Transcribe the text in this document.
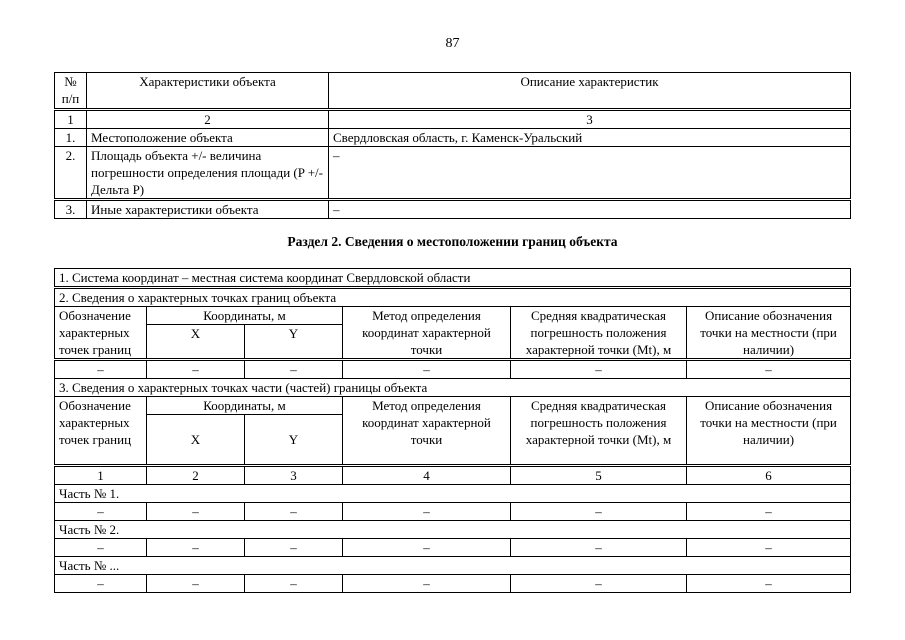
87
№ п/п	Характеристики объекта	Описание характеристик

1	2	3
1.	Местоположение объекта	Свердловская область, г. Каменск-Уральский
2.	Площадь объекта +/- величина погрешности определения площади (P +/- Дельта P)	–

3.	Иные характеристики объекта	–
Раздел 2. Сведения о местоположении границ объекта
1. Система координат – местная система координат Свердловской области					

2. Сведения о характерных точках границ объекта					
Обозначение характерных точек границ	Координаты, м		Метод определения координат характерной точки	Средняя квадратическая погрешность положения характерной точки (Mt), м	Описание обозначения точки на местности (при наличии)
	X	Y			

–	–	–	–	–	–
3. Сведения о характерных точках части (частей) границы объекта					
Обозначение характерных точек границ	Координаты, м		Метод определения координат характерной точки	Средняя квадратическая погрешность положения характерной точки (Mt), м	Описание обозначения точки на местности (при наличии)
	X	Y			

1	2	3	4	5	6
Часть № 1.					
–	–	–	–	–	–
Часть № 2.					
–	–	–	–	–	–
Часть № ...					
–	–	–	–	–	–
